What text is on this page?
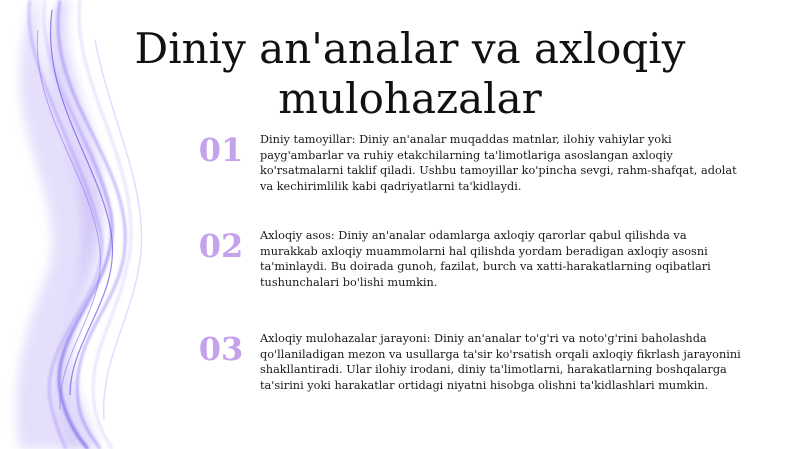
Diniy an'analar va axloqiy mulohazalar
01	Diniy tamoyillar: Diniy an'analar muqaddas matnlar, ilohiy vahiylar yoki payg'ambarlar va ruhiy etakchilarning ta'limotlariga asoslangan axloqiy ko'rsatmalarni taklif qiladi. Ushbu tamoyillar ko'pincha sevgi, rahm-shafqat, adolat va kechirimlilik kabi qadriyatlarni ta'kidlaydi.

02	Axloqiy asos: Diniy an'analar odamlarga axloqiy qarorlar qabul qilishda va murakkab axloqiy muammolarni hal qilishda yordam beradigan axloqiy asosni ta'minlaydi. Bu doirada gunoh, fazilat, burch va xatti-harakatlarning oqibatlari tushunchalari bo'lishi mumkin.

03	Axloqiy mulohazalar jarayoni: Diniy an'analar to'g'ri va noto'g'rini baholashda qo'llaniladigan mezon va usullarga ta'sir ko'rsatish orqali axloqiy fikrlash jarayonini shakllantiradi. Ular ilohiy irodani, diniy ta'limotlarni, harakatlarning boshqalarga ta'sirini yoki harakatlar ortidagi niyatni hisobga olishni ta'kidlashlari mumkin.
